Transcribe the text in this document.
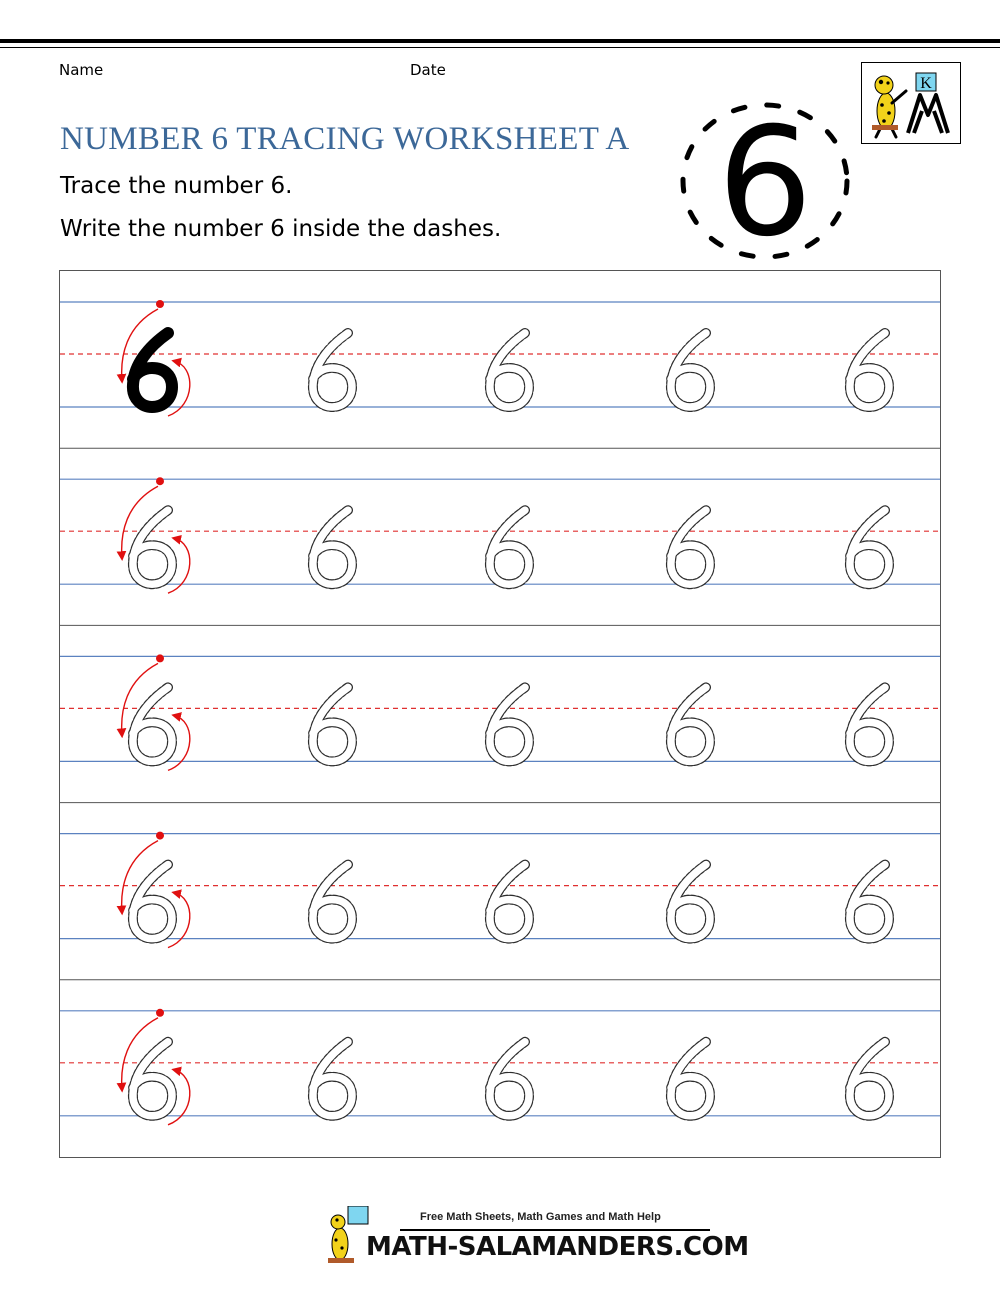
Name	Date
NUMBER 6 TRACING WORKSHEET A
Trace the number 6.
Write the number 6 inside the dashes.	6
K
Free Math Sheets, Math Games and Math Help
MATH-SALAMANDERS.COM
